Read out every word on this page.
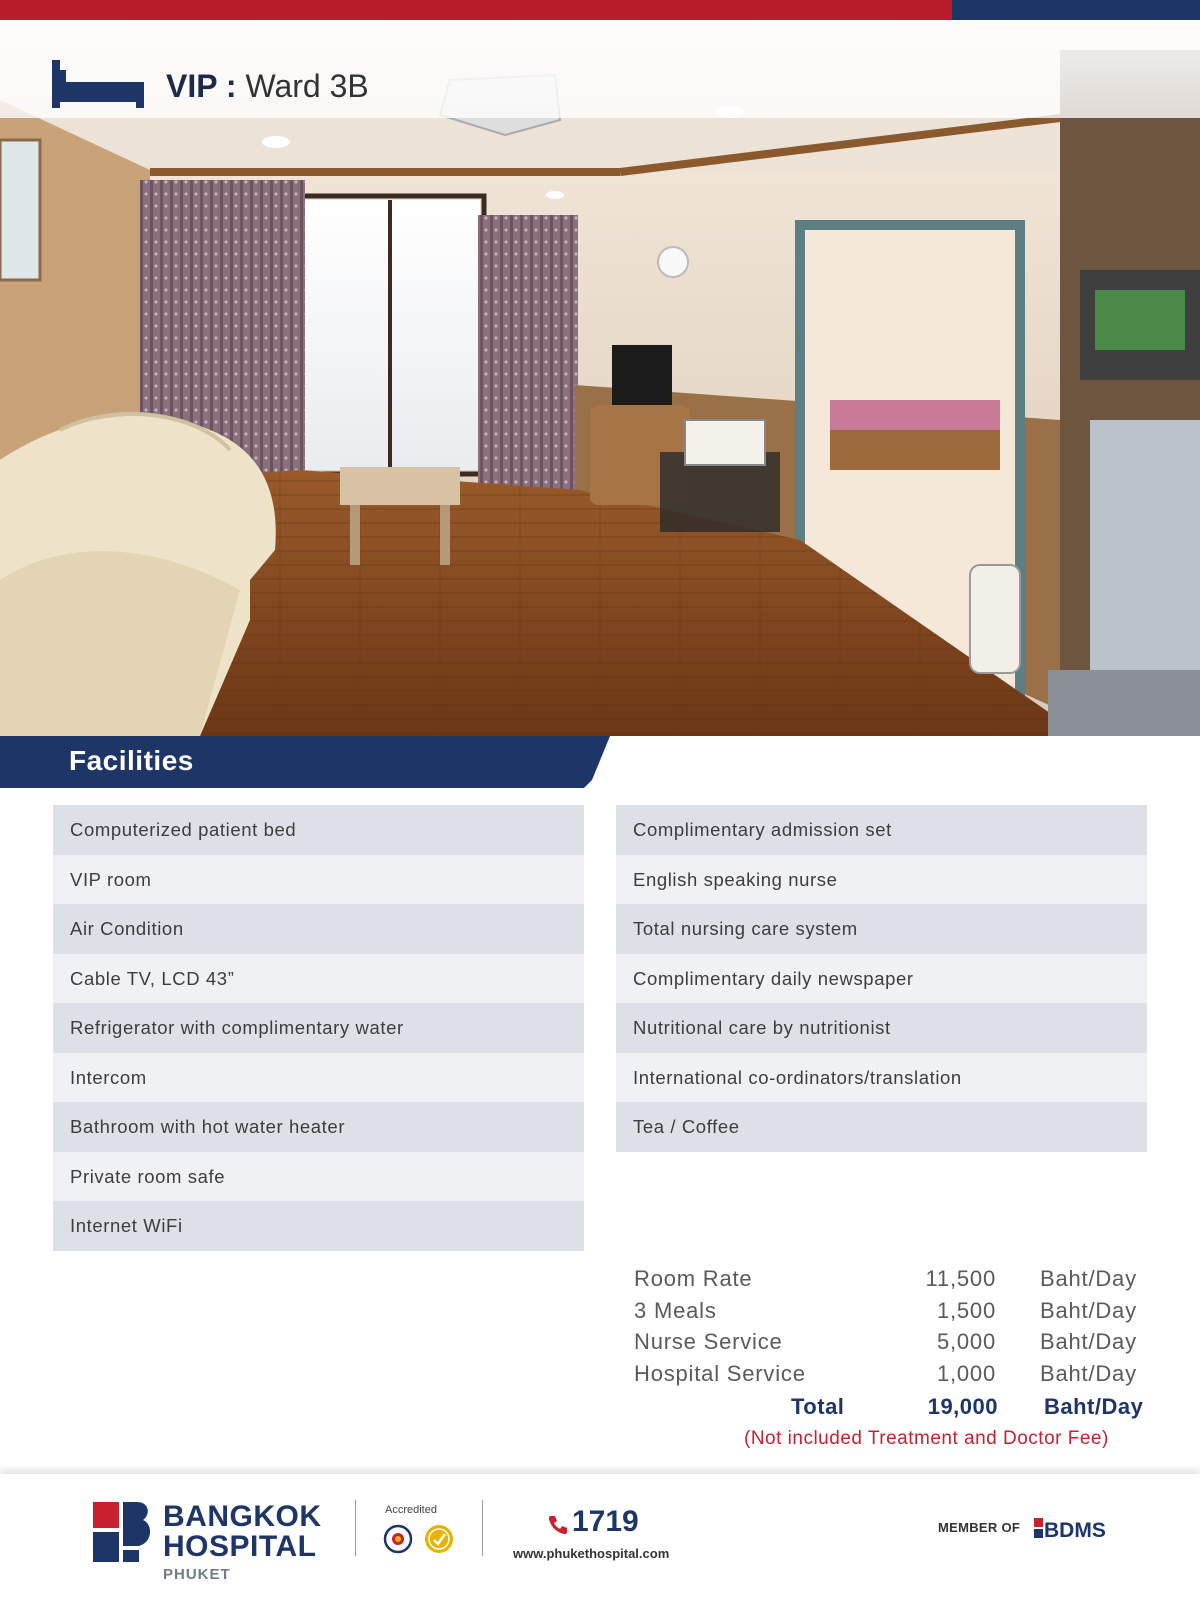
VIP : Ward 3B
Facilities
Computerized patient bed
VIP room
Air Condition
Cable TV, LCD 43”
Refrigerator with complimentary water
Intercom
Bathroom with hot water heater
Private room safe
Internet WiFi
Complimentary admission set
English speaking nurse
Total nursing care system
Complimentary daily newspaper
Nutritional care by nutritionist
International co-ordinators/translation
Tea / Coffee
Room Rate	11,500 Baht/Day
3 Meals	1,500 Baht/Day
Nurse Service	5,000 Baht/Day
Hospital Service	1,000 Baht/Day
Total	19,000 Baht/Day
(Not included Treatment and Doctor Fee)
BANGKOK
HOSPITAL
PHUKET
Accredited	1719
www.phukethospital.com
MEMBER OF BDMS
